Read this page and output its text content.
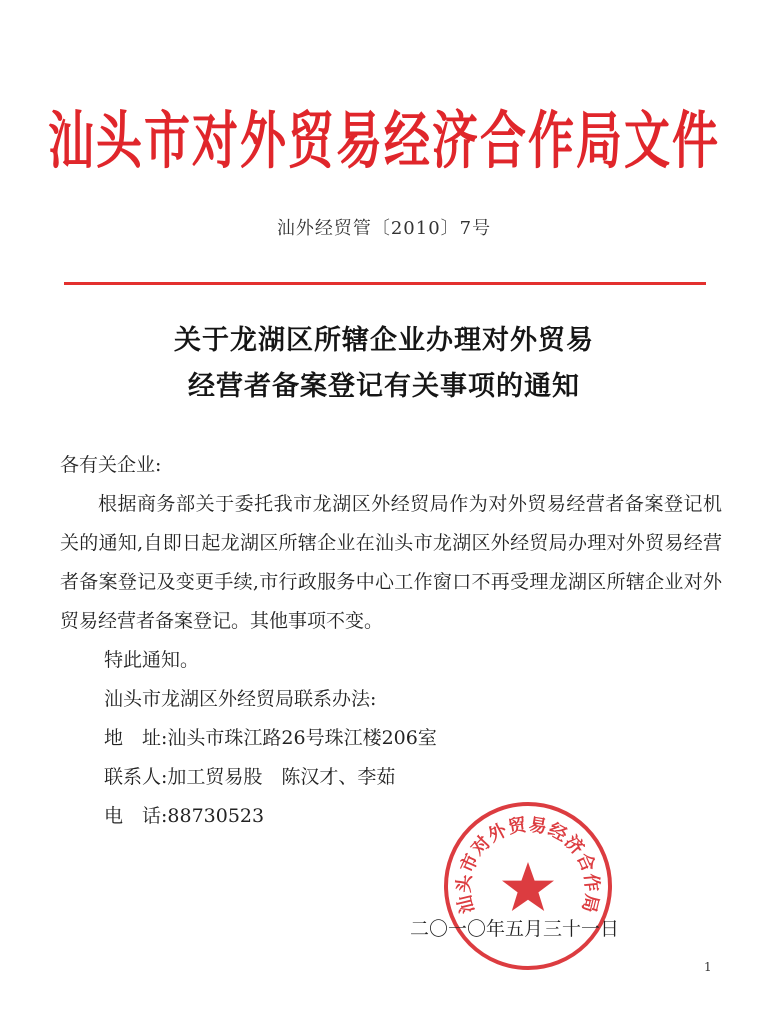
汕头市对外贸易经济合作局文件
汕外经贸管〔2010〕7号
关于龙湖区所辖企业办理对外贸易
经营者备案登记有关事项的通知

各有关企业:

根据商务部关于委托我市龙湖区外经贸局作为对外贸易经营者备案登记机关的通知,自即日起龙湖区所辖企业在汕头市龙湖区外经贸局办理对外贸易经营者备案登记及变更手续,市行政服务中心工作窗口不再受理龙湖区所辖企业对外贸易经营者备案登记。其他事项不变。

特此通知。

汕头市龙湖区外经贸局联系办法:

地　址:汕头市珠江路26号珠江楼206室

联系人:加工贸易股　陈汉才、李茹

电　话:88730523

汕头市对外贸易经济合作局
二〇一〇年五月三十一日
1
